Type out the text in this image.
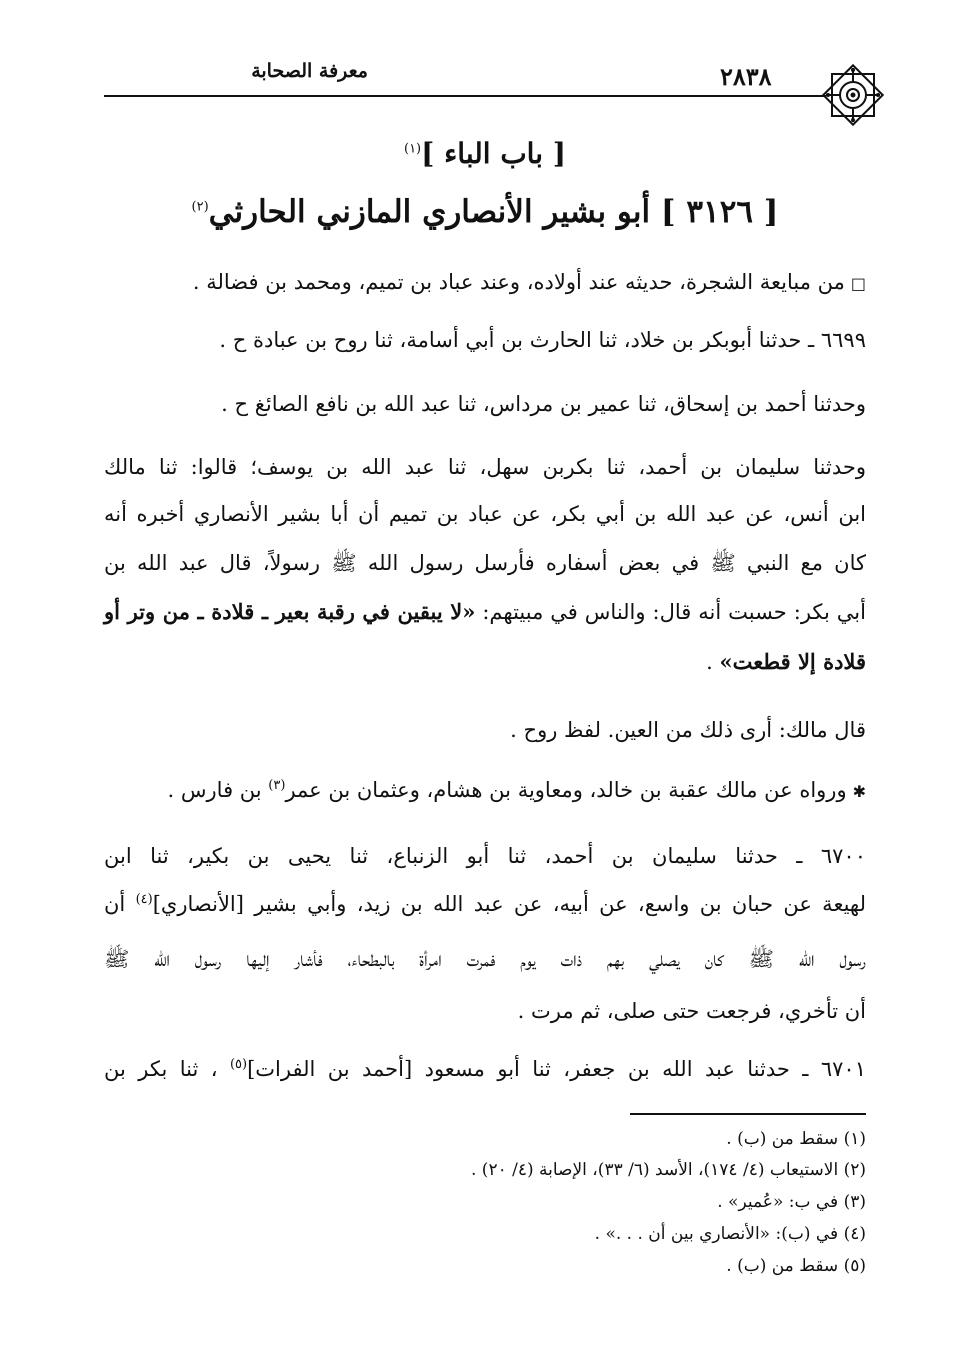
معرفة الصحابة	٢٨٣٨
[ باب الباء ]$^{(١)}$
[ ٣١٢٦ ] أبو بشير الأنصاري المازني الحارثي$^{(٢)}$
□من مبايعة الشجرة، حديثه عند أولاده، وعند عباد بن تميم، ومحمد بن فضالة .
٦٦٩٩ ـ حدثنا أبوبكر بن خلاد، ثنا الحارث بن أبي أسامة، ثنا روح بن عبادة ح .
وحدثنا أحمد بن إسحاق، ثنا عمير بن مرداس، ثنا عبد الله بن نافع الصائغ ح .
وحدثنا سليمان بن أحمد، ثنا بكربن سهل، ثنا عبد الله بن يوسف؛ قالوا: ثنا مالك
ابن أنس، عن عبد الله بن أبي بكر، عن عباد بن تميم أن أبا بشير الأنصاري أخبره أنه
كان مع النبي ﷺ في بعض أسفاره فأرسل رسول الله ﷺ رسولاً، قال عبد الله بن
أبي بكر: حسبت أنه قال: والناس في مبيتهم: «لا يبقين في رقبة بعير ـ قلادة ـ من وتر أو
قلادة إلا قطعت» .
قال مالك: أرى ذلك من العين. لفظ روح .
✱ورواه عن مالك عقبة بن خالد، ومعاوية بن هشام، وعثمان بن عمر$^{(٣)}$ بن فارس .
٦٧٠٠ ـ حدثنا سليمان بن أحمد، ثنا أبو الزنباع، ثنا يحيى بن بكير، ثنا ابن
لهيعة عن حبان بن واسع، عن أبيه، عن عبد الله بن زيد، وأبي بشير [الأنصاري]$^{(٤)}$ أن
رسول الله ﷺ كان يصلي بهم ذات يوم فمرت امرأة بالبطحاء، فأشار إليها رسول الله ﷺ
أن تأخري، فرجعت حتى صلى، ثم مرت .
٦٧٠١ ـ حدثنا عبد الله بن جعفر، ثنا أبو مسعود [أحمد بن الفرات]$^{(٥)}$ ، ثنا بكر بن
(١) سقط من (ب) .
(٢) الاستيعاب (٤/ ١٧٤)، الأسد (٦/ ٣٣)، الإصابة (٤/ ٢٠) .
(٣) في ب: «عُمير» .
(٤) في (ب): «الأنصاري بين أن . . .» .
(٥) سقط من (ب) .
